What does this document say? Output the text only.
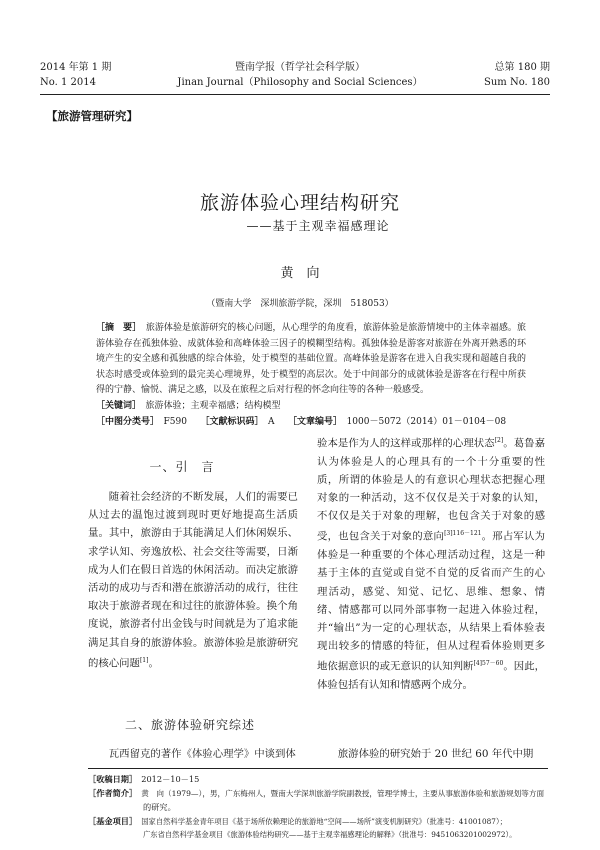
2014 年第 1 期
No. 1 2014
暨南学报（哲学社会科学版）
Jinan Journal（Philosophy and Social Sciences）
总第 180 期
Sum No. 180
【旅游管理研究】
旅游体验心理结构研究
——基于主观幸福感理论
黄　向
（暨南大学　深圳旅游学院，深圳　518053）

［摘　要］　 旅游体验是旅游研究的核心问题，从心理学的角度看，旅游体验是旅游情境中的主体幸福感。旅游体验存在孤独体验、成就体验和高峰体验三因子的模糊型结构。孤独体验是游客对旅游在外离开熟悉的环境产生的安全感和孤独感的综合体验，处于模型的基础位置。高峰体验是游客在进入自我实现和超越自我的状态时感受或体验到的最完美心理境界，处于模型的高层次。处于中间部分的成就体验是游客在行程中所获得的宁静、愉悦、满足之感，以及在旅程之后对行程的怀念向往等的各种一般感受。

［关键词］　 旅游体验；主观幸福感；结构模型

［中图分类号］　 F590　　 ［文献标识码］　 A　　 ［文章编号］　 1000－5072（2014）01－0104－08

一、引　言

随着社会经济的不断发展，人们的需要已从过去的温饱过渡到现时更好地提高生活质量。其中，旅游由于其能满足人们休闲娱乐、求学认知、旁逸放松、社会交往等需要，日渐成为人们在假日首选的休闲活动。而决定旅游活动的成功与否和潜在旅游活动的成行，往往取决于旅游者现在和过往的旅游体验。换个角度说，旅游者付出金钱与时间就是为了追求能满足其自身的旅游体验。旅游体验是旅游研究的核心问题[1]。

二、旅游体验研究综述

瓦西留克的著作《体验心理学》中谈到体

验本是作为人的这样或那样的心理状态[2]。葛鲁嘉认为体验是人的心理具有的一个十分重要的性质，所谓的体验是人的有意识心理状态把握心理对象的一种活动，这不仅仅是关于对象的认知，不仅仅是关于对象的理解，也包含关于对象的感受，也包含关于对象的意向$^{[3]116-121}$。邢占军认为体验是一种重要的个体心理活动过程，这是一种基于主体的直觉或自觉不自觉的反省而产生的心理活动，感觉、知觉、记忆、思维、想象、情绪、情感都可以同外部事物一起进入体验过程，并“输出”为一定的心理状态，从结果上看体验表现出较多的情感的特征，但从过程看体验则更多地依据意识的或无意识的认知判断$^{[4]57-60}$。因此，体验包括有认知和情感两个成分。

旅游体验的研究始于 20 世纪 60 年代中期

［收稿日期］　 2012－10－15
［作者简介］　 黄　向（1979—），男，广东梅州人，暨南大学深圳旅游学院副教授，管理学博士，主要从事旅游体验和旅游规划等方面
的研究。
［基金项目］　 国家自然科学基金青年项目《基于场所依赖理论的旅游地“空间——场所”演变机制研究》（批准号：41001087）；
广东省自然科学基金项目《旅游体验结构研究——基于主观幸福感理论的解释》（批准号：9451063201002972）。
